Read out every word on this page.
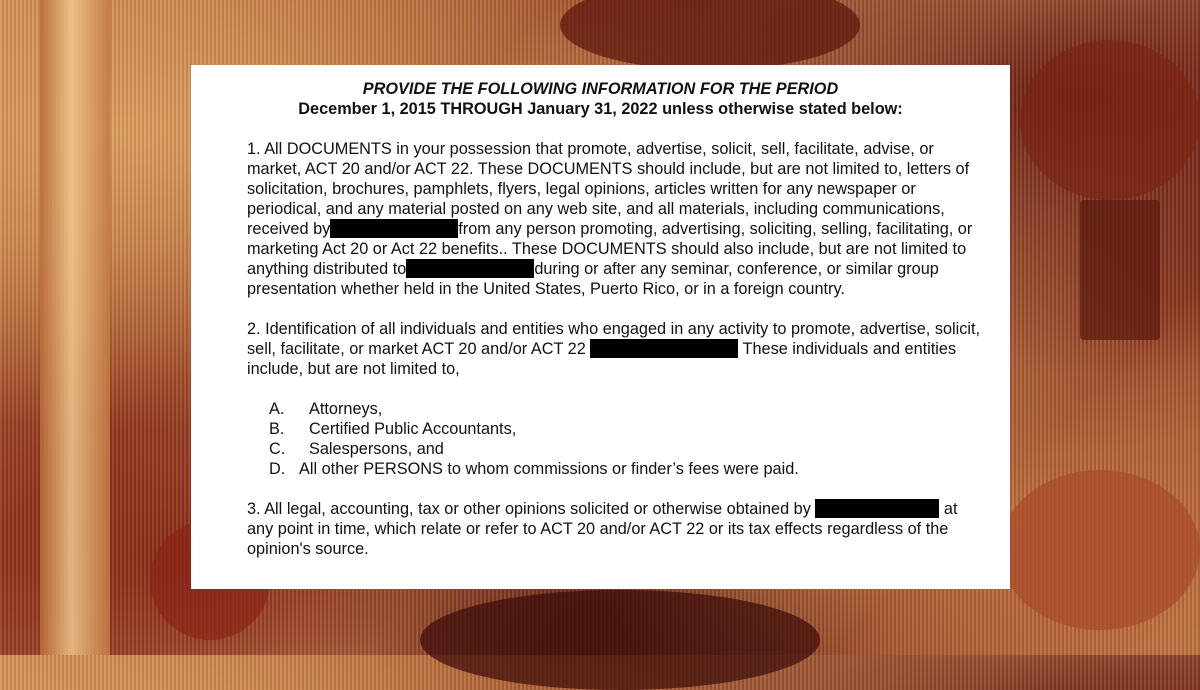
PROVIDE THE FOLLOWING INFORMATION FOR THE PERIOD
December 1, 2015 THROUGH January 31, 2022 unless otherwise stated below:

1. All DOCUMENTS in your possession that promote, advertise, solicit, sell, facilitate, advise, or market, ACT 20 and/or ACT 22. These DOCUMENTS should include, but are not limited to, letters of solicitation, brochures, pamphlets, flyers, legal opinions, articles written for any newspaper or periodical, and any material posted on any web site, and all materials, including communications, received by	from any person promoting, advertising, soliciting, selling, facilitating, or marketing Act 20 or Act 22 benefits.. These DOCUMENTS should also include, but are not limited to anything distributed to	during or after any seminar, conference, or similar group presentation whether held in the United States, Puerto Rico, or in a foreign country.

2. Identification of all individuals and entities who engaged in any activity to promote, advertise, solicit, sell, facilitate, or market ACT 20 and/or ACT 22	These individuals and entities include, but are not limited to,

A.	Attorneys,
B.	Certified Public Accountants,
C.	Salespersons, and
D. All other PERSONS to whom commissions or finder’s fees were paid.

3. All legal, accounting, tax or other opinions solicited or otherwise obtained by	at any point in time, which relate or refer to ACT 20 and/or ACT 22 or its tax effects regardless of the opinion's source.
